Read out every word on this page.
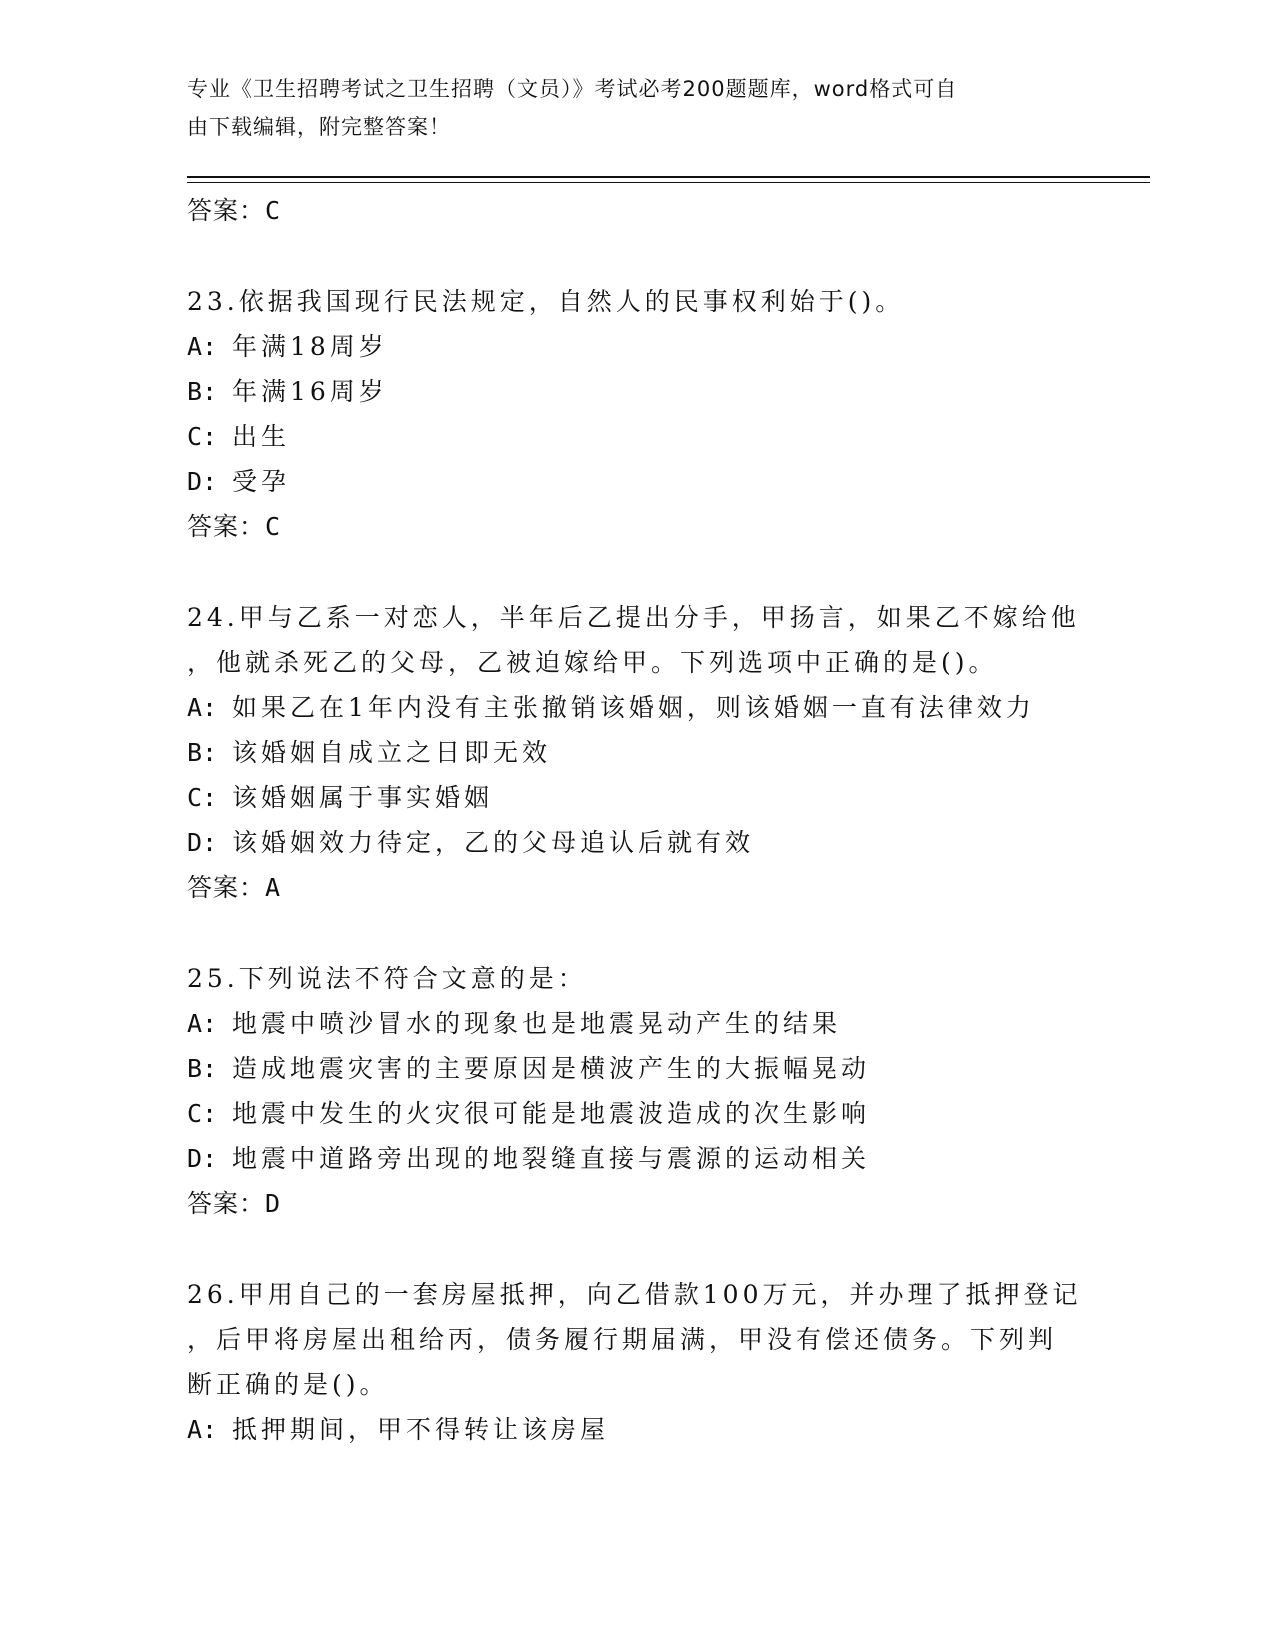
专业《卫生招聘考试之卫生招聘（文员）》考试必考200题题库，word格式可自
由下载编辑，附完整答案！
答案：C
23.依据我国现行民法规定，自然人的民事权利始于()。
A: 年满18周岁
B: 年满16周岁
C: 出生
D: 受孕
答案：C
24.甲与乙系一对恋人，半年后乙提出分手，甲扬言，如果乙不嫁给他
，他就杀死乙的父母，乙被迫嫁给甲。下列选项中正确的是()。
A: 如果乙在1年内没有主张撤销该婚姻，则该婚姻一直有法律效力
B: 该婚姻自成立之日即无效
C: 该婚姻属于事实婚姻
D: 该婚姻效力待定，乙的父母追认后就有效
答案：A
25.下列说法不符合文意的是：
A: 地震中喷沙冒水的现象也是地震晃动产生的结果
B: 造成地震灾害的主要原因是横波产生的大振幅晃动
C: 地震中发生的火灾很可能是地震波造成的次生影响
D: 地震中道路旁出现的地裂缝直接与震源的运动相关
答案：D
26.甲用自己的一套房屋抵押，向乙借款100万元，并办理了抵押登记
，后甲将房屋出租给丙，债务履行期届满，甲没有偿还债务。下列判
断正确的是()。
A: 抵押期间，甲不得转让该房屋
